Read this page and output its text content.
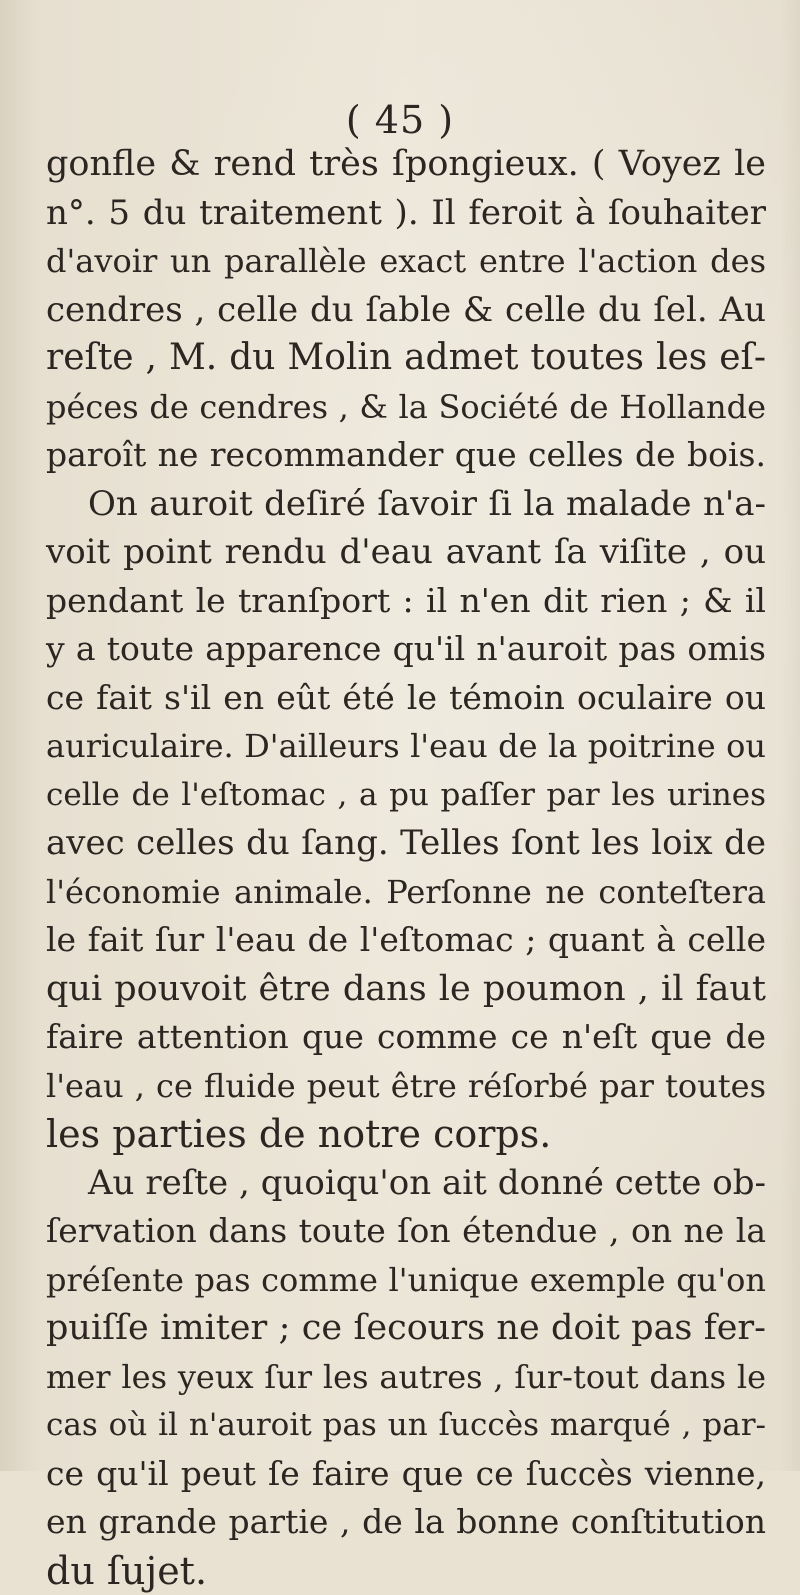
( 45 )
gonfle & rend très ſpongieux. ( Voyez le
n°. 5 du traitement ). Il feroit à ſouhaiter
d'avoir un parallèle exact entre l'action des
cendres , celle du ſable & celle du ſel. Au
reſte , M. du Molin admet toutes les eſ-
péces de cendres , & la Société de Hollande
paroît ne recommander que celles de bois.
On auroit deſiré ſavoir ſi la malade n'a-
voit point rendu d'eau avant ſa viſite , ou
pendant le tranſport : il n'en dit rien ; & il
y a toute apparence qu'il n'auroit pas omis
ce fait s'il en eût été le témoin oculaire ou
auriculaire. D'ailleurs l'eau de la poitrine ou
celle de l'eſtomac , a pu paſſer par les urines
avec celles du ſang. Telles ſont les loix de
l'économie animale. Perſonne ne conteſtera
le fait ſur l'eau de l'eſtomac ; quant à celle
qui pouvoit être dans le poumon , il faut
faire attention que comme ce n'eſt que de
l'eau , ce fluide peut être réſorbé par toutes
les parties de notre corps.
Au reſte , quoiqu'on ait donné cette ob-
ſervation dans toute ſon étendue , on ne la
préſente pas comme l'unique exemple qu'on
puiſſe imiter ; ce ſecours ne doit pas fer-
mer les yeux ſur les autres , ſur-tout dans le
cas où il n'auroit pas un ſuccès marqué , par-
ce qu'il peut ſe faire que ce ſuccès vienne,
en grande partie , de la bonne conſtitution
du ſujet.
